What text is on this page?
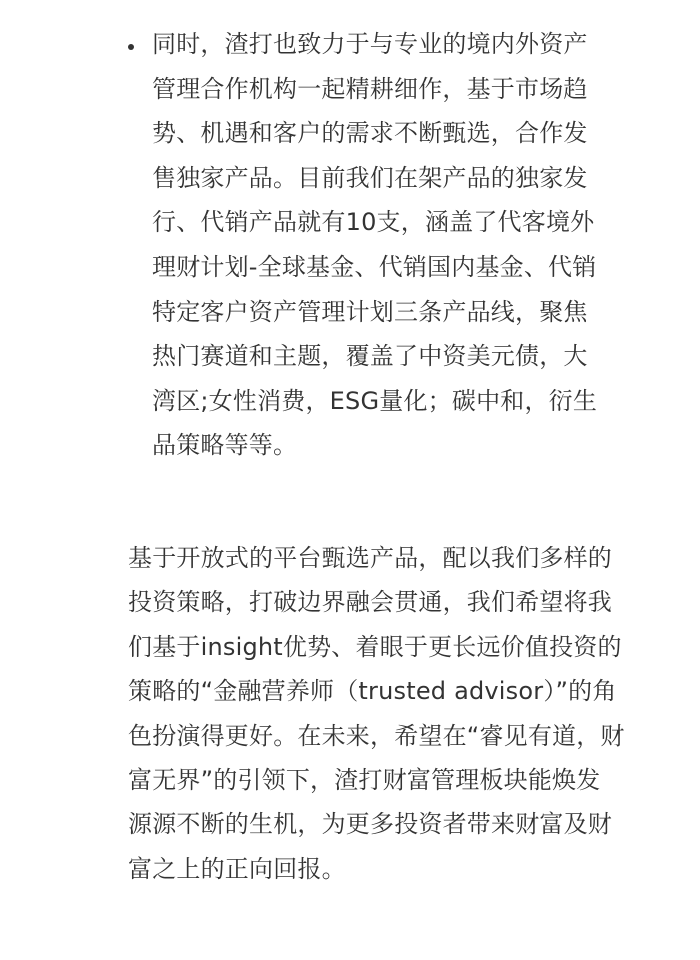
同时，渣打也致力于与专业的境内外资产
管理合作机构一起精耕细作，基于市场趋
势、机遇和客户的需求不断甄选，合作发
售独家产品。目前我们在架产品的独家发
行、代销产品就有10支，涵盖了代客境外
理财计划-全球基金、代销国内基金、代销
特定客户资产管理计划三条产品线，聚焦
热门赛道和主题，覆盖了中资美元债，大
湾区;女性消费，ESG量化；碳中和，衍生
品策略等等。

基于开放式的平台甄选产品，配以我们多样的
投资策略，打破边界融会贯通，我们希望将我
们基于insight优势、着眼于更长远价值投资的
策略的“金融营养师（trusted advisor）”的角
色扮演得更好。在未来，希望在“睿见有道，财
富无界”的引领下，渣打财富管理板块能焕发
源源不断的生机，为更多投资者带来财富及财
富之上的正向回报。
